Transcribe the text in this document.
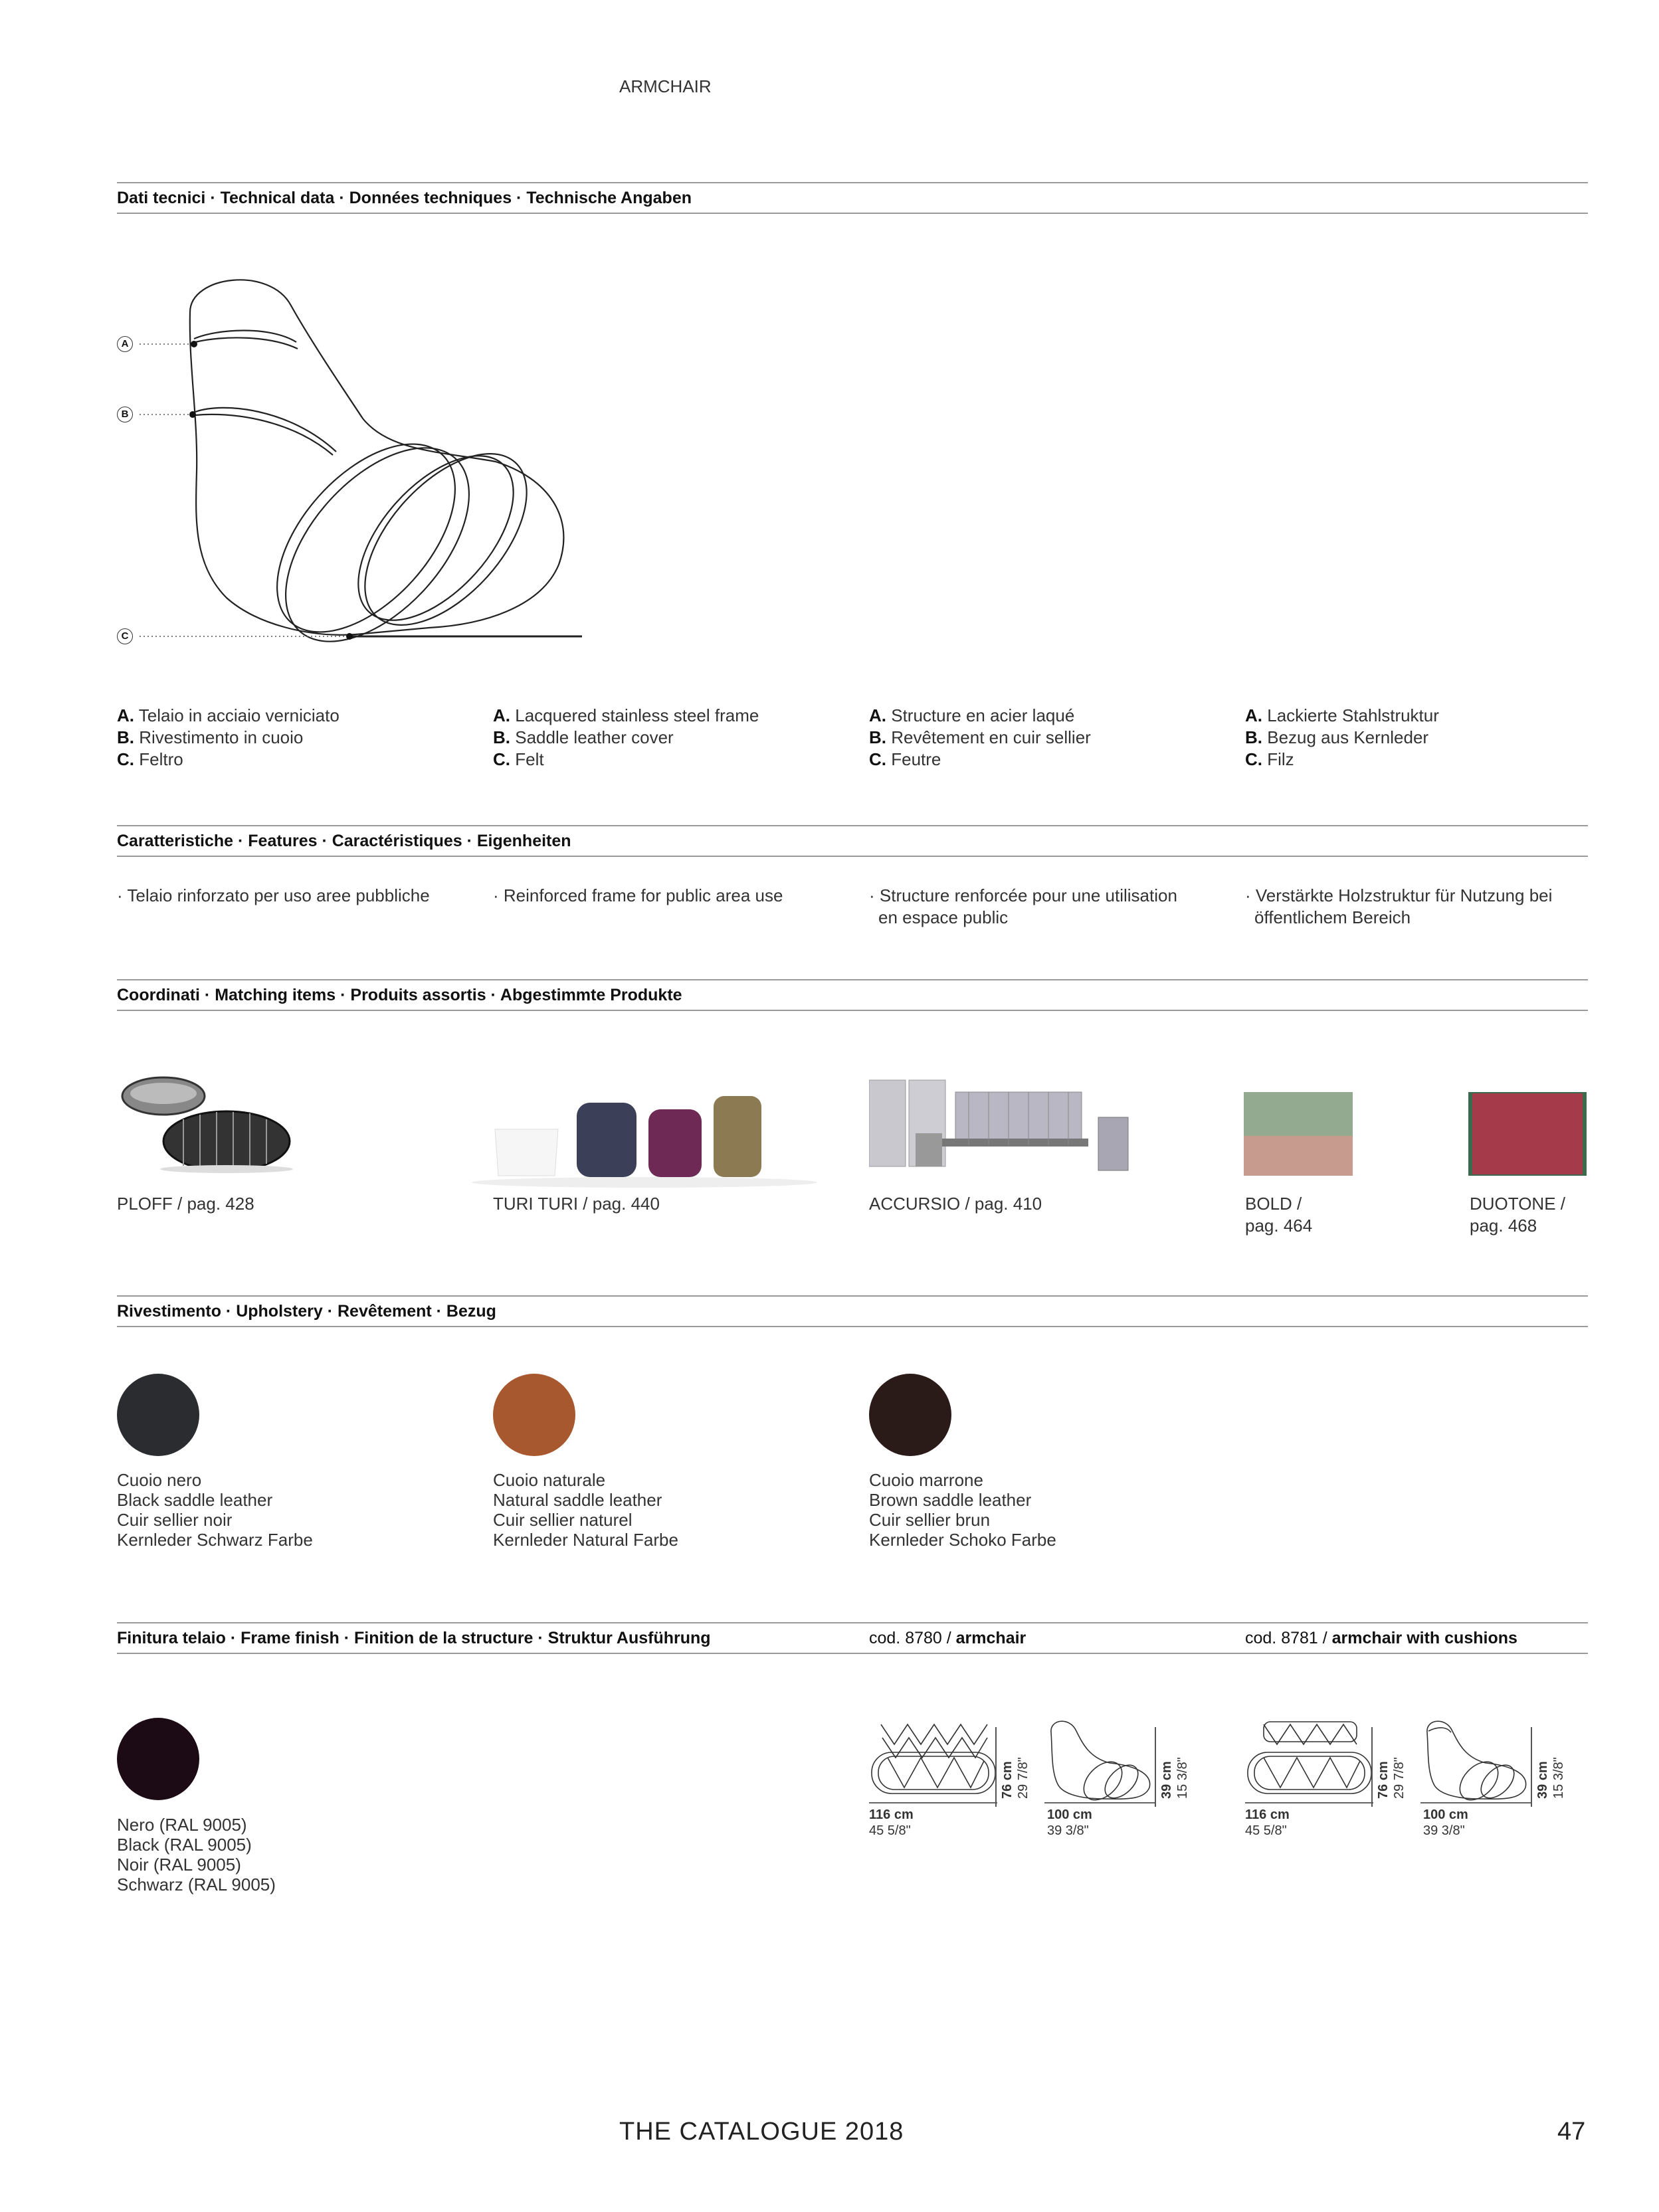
ARMCHAIR
Dati tecnici · Technical data · Données techniques · Technische Angaben
A
B
C
A. Telaio in acciaio verniciato
B. Rivestimento in cuoio
C. Feltro
A. Lacquered stainless steel frame
B. Saddle leather cover
C. Felt
A. Structure en acier laqué
B. Revêtement en cuir sellier
C. Feutre
A. Lackierte Stahlstruktur
B. Bezug aus Kernleder
C. Filz
Caratteristiche · Features · Caractéristiques · Eigenheiten
· Telaio rinforzato per uso aree pubbliche	· Reinforced frame for public area use	· Structure renforcée pour une utilisation
en espace public
· Verstärkte Holzstruktur für Nutzung bei
öffentlichem Bereich
Coordinati · Matching items · Produits assortis · Abgestimmte Produkte
PLOFF / pag. 428	TURI TURI / pag. 440	ACCURSIO / pag. 410	BOLD /
pag. 464
DUOTONE /
pag. 468
Rivestimento · Upholstery · Revêtement · Bezug
Cuoio nero
Black saddle leather
Cuir sellier noir
Kernleder Schwarz Farbe
Cuoio naturale
Natural saddle leather
Cuir sellier naturel
Kernleder Natural Farbe
Cuoio marrone
Brown saddle leather
Cuir sellier brun
Kernleder Schoko Farbe
Finitura telaio · Frame finish · Finition de la structure · Struktur Ausführung	cod. 8780 / armchair	cod. 8781 / armchair with cushions
Nero (RAL 9005)
Black (RAL 9005)
Noir (RAL 9005)
Schwarz (RAL 9005)
76 cm 29 7/8"
116 cm
45 5/8"
39 cm 15 3/8"
100 cm
39 3/8"
76 cm 29 7/8"
116 cm
45 5/8"
39 cm 15 3/8"
100 cm
39 3/8"
THE CATALOGUE 2018	47
